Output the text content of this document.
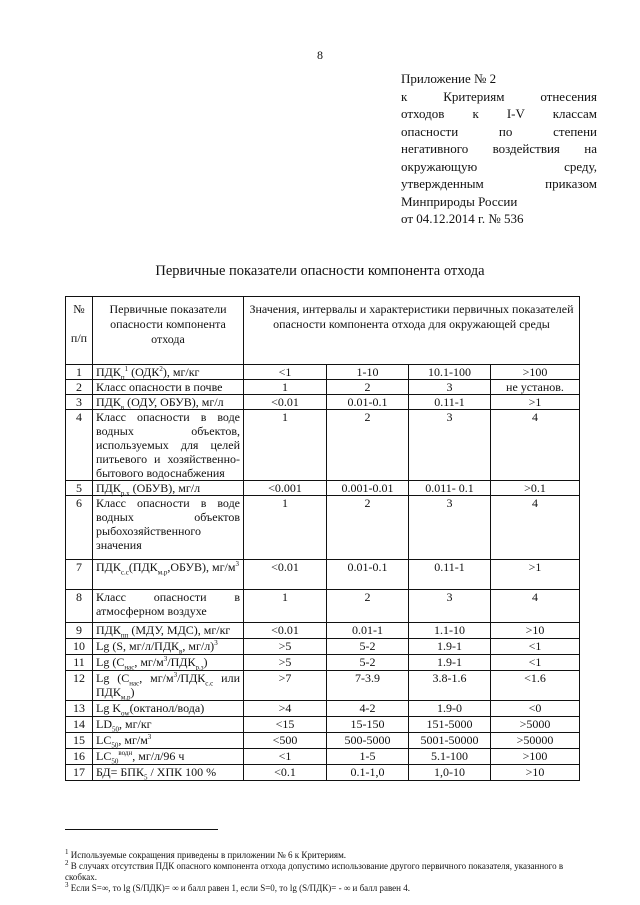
8
Приложение № 2
к Критериям отнесения
отходов к I-V классам
опасности по степени
негативного воздействия на
окружающую среду,
утвержденным приказом
Минприроды России
от 04.12.2014 г. № 536
Первичные показатели опасности компонента отхода
№
п/п	Первичные показатели опасности компонента отхода	Значения, интервалы и характеристики первичных показателей опасности компонента отхода для окружающей среды			
1	$ПДК_п^1$ (ОДК$^2$), мг/кг	<1	1-10	10.1-100	>100
2	Класс опасности в почве	1	2	3	не установ.
3	$ПДК_в$ (ОДУ, ОБУВ), мг/л	<0.01	0.01-0.1	0.11-1	>1
4	Класс опасности в воде водных объектов, используемых для целей питьевого и хозяйственно-бытового водоснабжения	1	2	3	4
5	$ПДК_{р.х}$ (ОБУВ), мг/л	<0.001	0.001-0.01	0.011- 0.1	>0.1
6	Класс опасности в воде водных объектов рыбохозяйственного значения	1	2	3	4
7	$ПДК_{с.с}(ПДК_{м.р},ОБУВ)$, $мг/м^3$	<0.01	0.01-0.1	0.11-1	>1
8	Класс опасности в атмосферном воздухе	1	2	3	4
9	$ПДК_{пп}$ (МДУ, МДС), мг/кг	<0.01	0.01-1	1.1-10	>10
10	Lg (S, $мг/л/ПДК_в$, мг/л)$^3$	>5	5-2	1.9-1	<1
11	Lg ($С_{нас}$, $мг/м^3/ПДК_{р.з}$)	>5	5-2	1.9-1	<1
12	Lg ($С_{нас}$, $мг/м^3/ПДК_{с.с}$ или $ПДК_{м.р}$)	>7	7-3.9	3.8-1.6	<1.6
13	Lg $K_{ow}(октанол/вода)$	>4	4-2	1.9-0	<0
14	$LD_{50}$, мг/кг	<15	15-150	151-5000	>5000
15	$LC_{50}$, $мг/м^3$	<500	500-5000	5001-50000	>50000
16	$LC_{50}^{водн}$, мг/л/96 ч	<1	1-5	5.1-100	>100
17	$БД= БПК_5$ / ХПК 100 %	<0.1	0.1-1,0	1,0-10	>10
$^1$ Используемые сокращения приведены в приложении № 6 к Критериям.
$^2$ В случаях отсутствия ПДК опасного компонента отхода допустимо использование другого первичного показателя, указанного в скобках.
$^3$ Если S=∞, то lg (S/ПДК)= ∞ и балл равен 1, если S=0, то lg (S/ПДК)= - ∞ и балл равен 4.
